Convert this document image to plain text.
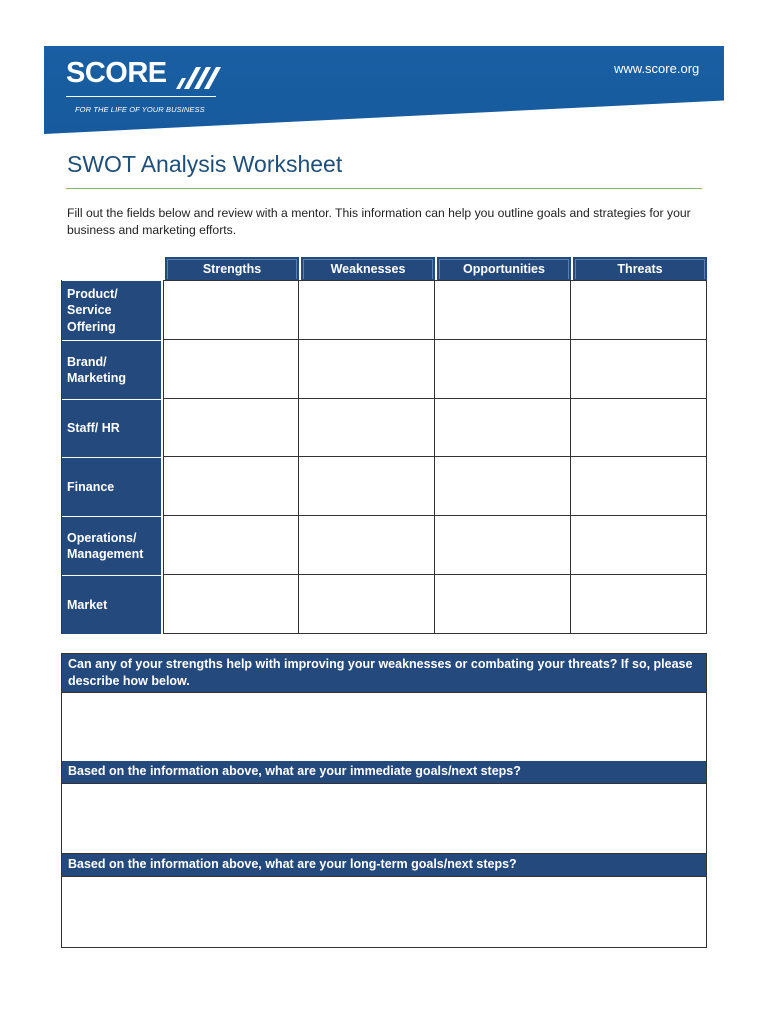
SCORE
FOR THE LIFE OF YOUR BUSINESS
www.score.org
SWOT Analysis Worksheet

Fill out the fields below and review with a mentor. This information can help you outline goals and strategies for your business and marketing efforts.

Strengths	Weaknesses	Opportunities	Threats
Product/ Service Offering
Brand/ Marketing
Staff/ HR
Finance
Operations/ Management
Market
Can any of your strengths help with improving your weaknesses or combating your threats? If so, please describe how below.
Based on the information above, what are your immediate goals/next steps?
Based on the information above, what are your long-term goals/next steps?
